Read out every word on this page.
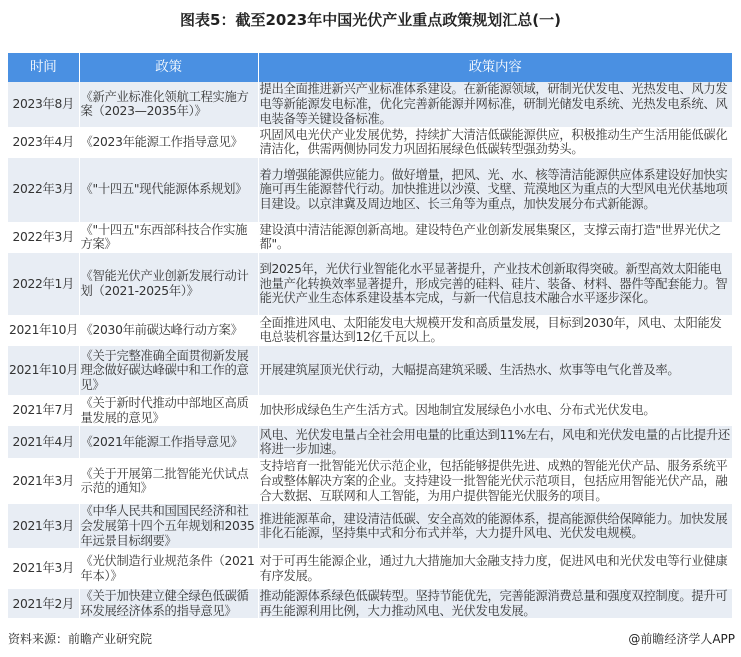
图表5：截至2023年中国光伏产业重点政策规划汇总(一)
时间	政策	政策内容
2023年8月	《新产业标准化领航工程实施方案（2023—2035年）》	提出全面推进新兴产业标准体系建设。在新能源领域，研制光伏发电、光热发电、风力发电等新能源发电标准，优化完善新能源并网标准，研制光储发电系统、光热发电系统、风电装备等关键设备标准。
2023年4月	《2023年能源工作指导意见》	巩固风电光伏产业发展优势，持续扩大清洁低碳能源供应，积极推动生产生活用能低碳化清洁化，供需两侧协同发力巩固拓展绿色低碳转型强劲势头。
2022年3月	《"十四五"现代能源体系规划》	着力增强能源供应能力。做好增量，把风、光、水、核等清洁能源供应体系建设好加快实施可再生能源替代行动。加快推进以沙漠、戈壁、荒漠地区为重点的大型风电光伏基地项目建设。以京津冀及周边地区、长三角等为重点，加快发展分布式新能源。
2022年3月	《"十四五"东西部科技合作实施方案》	建设滇中清洁能源创新高地。建设特色产业创新发展集聚区，支撑云南打造"世界光伏之都"。
2022年1月	《智能光伏产业创新发展行动计划（2021-2025年）》	到2025年，光伏行业智能化水平显著提升，产业技术创新取得突破。新型高效太阳能电池量产化转换效率显著提升，形成完善的硅料、硅片、装备、材料、器件等配套能力。智能光伏产业生态体系建设基本完成，与新一代信息技术融合水平逐步深化。
2021年10月	《2030年前碳达峰行动方案》	全面推进风电、太阳能发电大规模开发和高质量发展，目标到2030年，风电、太阳能发电总装机容量达到12亿千瓦以上。
2021年10月	《关于完整准确全面贯彻新发展理念做好碳达峰碳中和工作的意见》	开展建筑屋顶光伏行动，大幅提高建筑采暖、生活热水、炊事等电气化普及率。
2021年7月	《关于新时代推动中部地区高质量发展的意见》	加快形成绿色生产生活方式。因地制宜发展绿色小水电、分布式光伏发电。
2021年4月	《2021年能源工作指导意见》	风电、光伏发电量占全社会用电量的比重达到11%左右，风电和光伏发电量的占比提升还将进一步加速。
2021年3月	《关于开展第二批智能光伏试点示范的通知》	支持培育一批智能光伏示范企业，包括能够提供先进、成熟的智能光伏产品、服务系统平台或整体解决方案的企业。支持建设一批智能光伏示范项目，包括应用智能光伏产品，融合大数据、互联网和人工智能，为用户提供智能光伏服务的项目。
2021年3月	《中华人民共和国国民经济和社会发展第十四个五年规划和2035年远景目标纲要》	推进能源革命，建设清洁低碳、安全高效的能源体系，提高能源供给保障能力。加快发展非化石能源，坚持集中式和分布式并举，大力提升风电、光伏发电规模。
2021年3月	《光伏制造行业规范条件（2021年本）》	对于可再生能源企业，通过九大措施加大金融支持力度，促进风电和光伏发电等行业健康有序发展。
2021年2月	《关于加快建立健全绿色低碳循环发展经济体系的指导意见》	推动能源体系绿色低碳转型。坚持节能优先，完善能源消费总量和强度双控制度。提升可再生能源利用比例，大力推动风电、光伏发电发展。
资料来源：前瞻产业研究院	@前瞻经济学人APP
